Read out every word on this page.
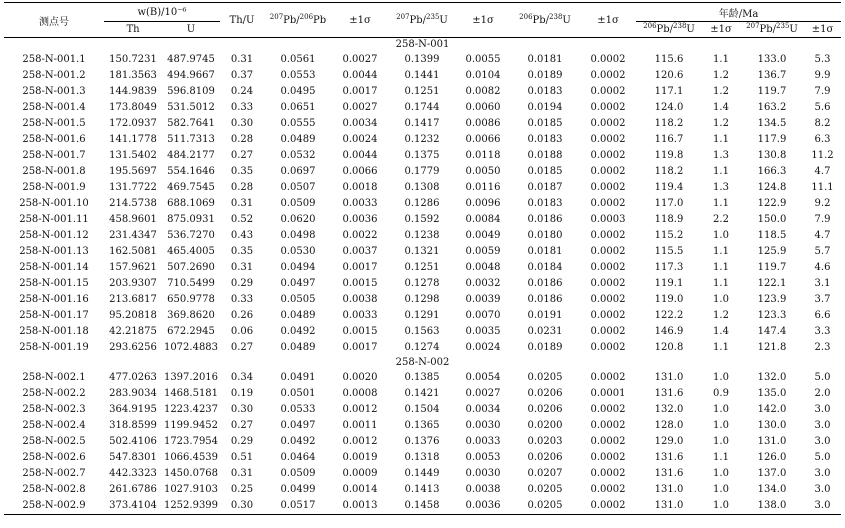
测点号	w(B)/10⁻⁶		Th/U	$^{207}$Pb/$^{206}$Pb	±1σ	$^{207}$Pb/$^{235}$U	±1σ	$^{206}$Pb/$^{238}$U	±1σ	年龄/Ma			
	Th	U								$^{206}$Pb/$^{238}$U	±1σ	$^{207}$Pb/$^{235}$U	±1σ
258-N-001													
258-N-001.1	150.7231	487.9745	0.31	0.0561	0.0027	0.1399	0.0055	0.0181	0.0002	115.6	1.1	133.0	5.3
258-N-001.2	181.3563	494.9667	0.37	0.0553	0.0044	0.1441	0.0104	0.0189	0.0002	120.6	1.2	136.7	9.9
258-N-001.3	144.9839	596.8109	0.24	0.0495	0.0017	0.1251	0.0082	0.0183	0.0002	117.1	1.2	119.7	7.9
258-N-001.4	173.8049	531.5012	0.33	0.0651	0.0027	0.1744	0.0060	0.0194	0.0002	124.0	1.4	163.2	5.6
258-N-001.5	172.0937	582.7641	0.30	0.0555	0.0034	0.1417	0.0086	0.0185	0.0002	118.2	1.2	134.5	8.2
258-N-001.6	141.1778	511.7313	0.28	0.0489	0.0024	0.1232	0.0066	0.0183	0.0002	116.7	1.1	117.9	6.3
258-N-001.7	131.5402	484.2177	0.27	0.0532	0.0044	0.1375	0.0118	0.0188	0.0002	119.8	1.3	130.8	11.2
258-N-001.8	195.5697	554.1646	0.35	0.0697	0.0066	0.1779	0.0050	0.0185	0.0002	118.2	1.1	166.3	4.7
258-N-001.9	131.7722	469.7545	0.28	0.0507	0.0018	0.1308	0.0116	0.0187	0.0002	119.4	1.3	124.8	11.1
258-N-001.10	214.5738	688.1069	0.31	0.0509	0.0033	0.1286	0.0096	0.0183	0.0002	117.0	1.1	122.9	9.2
258-N-001.11	458.9601	875.0931	0.52	0.0620	0.0036	0.1592	0.0084	0.0186	0.0003	118.9	2.2	150.0	7.9
258-N-001.12	231.4347	536.7270	0.43	0.0498	0.0022	0.1238	0.0049	0.0180	0.0002	115.2	1.0	118.5	4.7
258-N-001.13	162.5081	465.4005	0.35	0.0530	0.0037	0.1321	0.0059	0.0181	0.0002	115.5	1.1	125.9	5.7
258-N-001.14	157.9621	507.2690	0.31	0.0494	0.0017	0.1251	0.0048	0.0184	0.0002	117.3	1.1	119.7	4.6
258-N-001.15	203.9307	710.5499	0.29	0.0497	0.0015	0.1278	0.0032	0.0186	0.0002	119.1	1.1	122.1	3.1
258-N-001.16	213.6817	650.9778	0.33	0.0505	0.0038	0.1298	0.0039	0.0186	0.0002	119.0	1.0	123.9	3.7
258-N-001.17	95.20818	369.8620	0.26	0.0489	0.0033	0.1291	0.0070	0.0191	0.0002	122.2	1.2	123.3	6.6
258-N-001.18	42.21875	672.2945	0.06	0.0492	0.0015	0.1563	0.0035	0.0231	0.0002	146.9	1.4	147.4	3.3
258-N-001.19	293.6256	1072.4883	0.27	0.0489	0.0017	0.1274	0.0024	0.0189	0.0002	120.8	1.1	121.8	2.3
258-N-002													
258-N-002.1	477.0263	1397.2016	0.34	0.0491	0.0020	0.1385	0.0054	0.0205	0.0002	131.0	1.0	132.0	5.0
258-N-002.2	283.9034	1468.5181	0.19	0.0501	0.0008	0.1421	0.0027	0.0206	0.0001	131.6	0.9	135.0	2.0
258-N-002.3	364.9195	1223.4237	0.30	0.0533	0.0012	0.1504	0.0034	0.0206	0.0002	132.0	1.0	142.0	3.0
258-N-002.4	318.8599	1199.9452	0.27	0.0497	0.0011	0.1365	0.0030	0.0200	0.0002	128.0	1.0	130.0	3.0
258-N-002.5	502.4106	1723.7954	0.29	0.0492	0.0012	0.1376	0.0033	0.0203	0.0002	129.0	1.0	131.0	3.0
258-N-002.6	547.8301	1066.4539	0.51	0.0464	0.0019	0.1318	0.0053	0.0206	0.0002	131.6	1.1	126.0	5.0
258-N-002.7	442.3323	1450.0768	0.31	0.0509	0.0009	0.1449	0.0030	0.0207	0.0002	131.6	1.0	137.0	3.0
258-N-002.8	261.6786	1027.9103	0.25	0.0499	0.0014	0.1413	0.0038	0.0205	0.0002	131.0	1.0	134.0	3.0
258-N-002.9	373.4104	1252.9399	0.30	0.0517	0.0013	0.1458	0.0036	0.0205	0.0002	131.0	1.0	138.0	3.0
